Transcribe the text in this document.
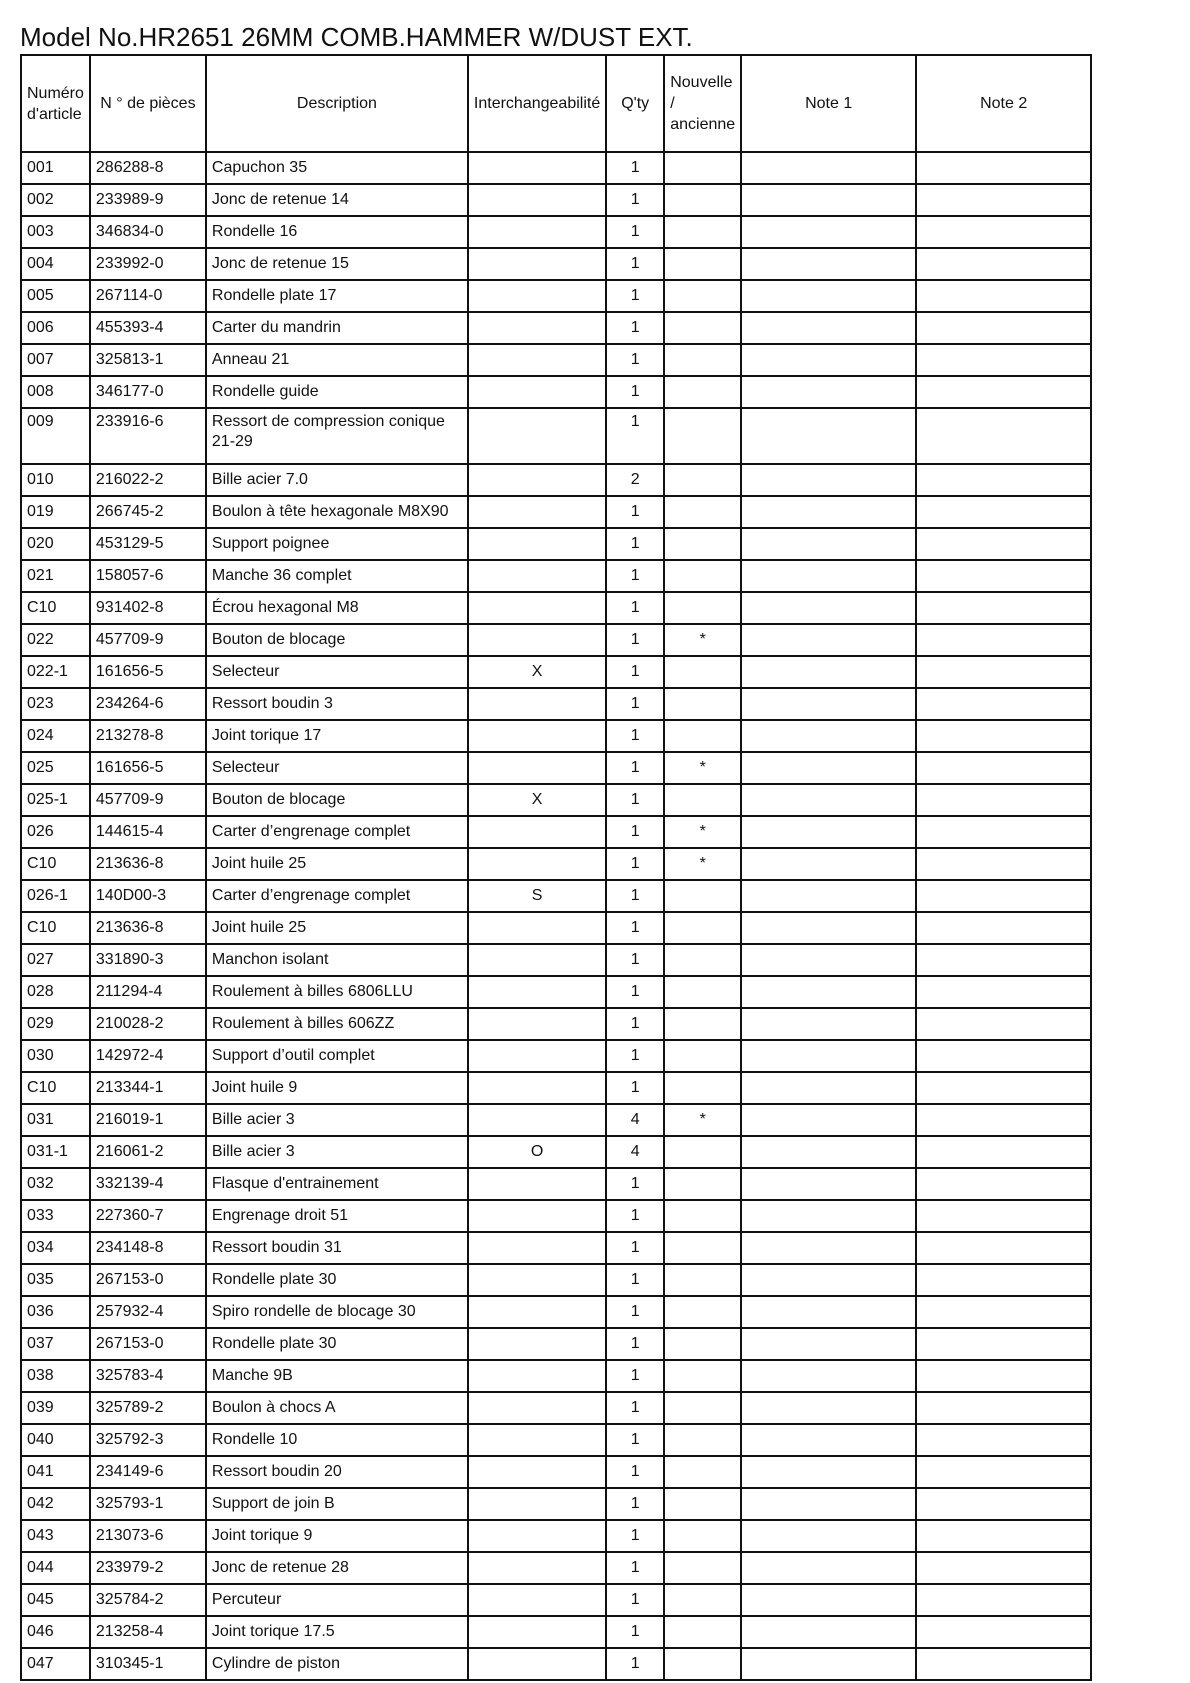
Model No.HR2651 26MM COMB.HAMMER W/DUST EXT.
Numéro d'article	N ° de pièces	Description	Interchangeabilité	Q'ty	Nouvelle / ancienne	Note 1	Note 2
001	286288-8	Capuchon 35		1			
002	233989-9	Jonc de retenue 14		1			
003	346834-0	Rondelle 16		1			
004	233992-0	Jonc de retenue 15		1			
005	267114-0	Rondelle plate 17		1			
006	455393-4	Carter du mandrin		1			
007	325813-1	Anneau 21		1			
008	346177-0	Rondelle guide		1			
009	233916-6	Ressort de compression conique 21-29		1			
010	216022-2	Bille acier 7.0		2			
019	266745-2	Boulon à tête hexagonale M8X90		1			
020	453129-5	Support poignee		1			
021	158057-6	Manche 36 complet		1			
C10	931402-8	Écrou hexagonal M8		1			
022	457709-9	Bouton de blocage		1	*		
022-1	161656-5	Selecteur	X	1			
023	234264-6	Ressort boudin 3		1			
024	213278-8	Joint torique 17		1			
025	161656-5	Selecteur		1	*		
025-1	457709-9	Bouton de blocage	X	1			
026	144615-4	Carter d’engrenage complet		1	*		
C10	213636-8	Joint huile 25		1	*		
026-1	140D00-3	Carter d’engrenage complet	S	1			
C10	213636-8	Joint huile 25		1			
027	331890-3	Manchon isolant		1			
028	211294-4	Roulement à billes 6806LLU		1			
029	210028-2	Roulement à billes 606ZZ		1			
030	142972-4	Support d’outil complet		1			
C10	213344-1	Joint huile 9		1			
031	216019-1	Bille acier 3		4	*		
031-1	216061-2	Bille acier 3	O	4			
032	332139-4	Flasque d'entrainement		1			
033	227360-7	Engrenage droit 51		1			
034	234148-8	Ressort boudin 31		1			
035	267153-0	Rondelle plate 30		1			
036	257932-4	Spiro rondelle de blocage 30		1			
037	267153-0	Rondelle plate 30		1			
038	325783-4	Manche 9B		1			
039	325789-2	Boulon à chocs A		1			
040	325792-3	Rondelle 10		1			
041	234149-6	Ressort boudin 20		1			
042	325793-1	Support de join B		1			
043	213073-6	Joint torique 9		1			
044	233979-2	Jonc de retenue 28		1			
045	325784-2	Percuteur		1			
046	213258-4	Joint torique 17.5		1			
047	310345-1	Cylindre de piston		1			
